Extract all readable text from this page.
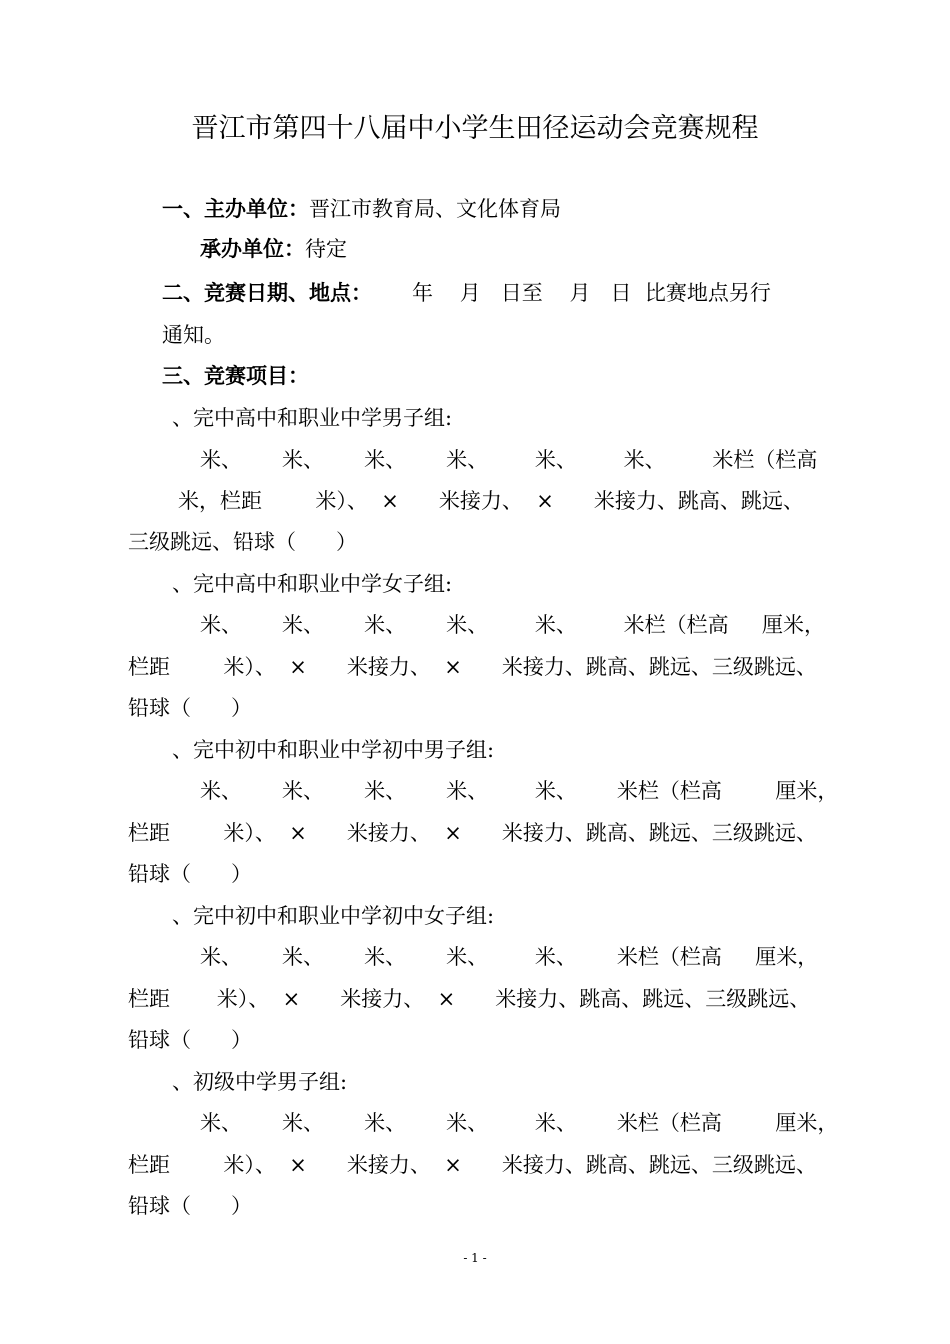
晋江市第四十八届中小学生田径运动会竞赛规程
一、主办单位：晋江市教育局、文化体育局
承办单位：待定
二、竞赛日期、地点：      年    月   日至    月   日  比赛地点另行
通知。
三、竞赛项目：
、完中高中和职业中学男子组:
米、      米、      米、      米、       米、       米、       米栏（栏高
米，栏距        米）、  ×      米接力、  ×      米接力、跳高、跳远、
三级跳远、铅球（      ）
、完中高中和职业中学女子组:
米、      米、      米、      米、       米、       米栏（栏高     厘米，
栏距        米）、  ×      米接力、  ×      米接力、跳高、跳远、三级跳远、
铅球（      ）
、完中初中和职业中学初中男子组:
米、      米、      米、      米、       米、      米栏（栏高        厘米，
栏距        米）、  ×      米接力、  ×      米接力、跳高、跳远、三级跳远、
铅球（      ）
、完中初中和职业中学初中女子组:
米、      米、      米、      米、       米、      米栏（栏高     厘米，
栏距       米）、  ×      米接力、  ×      米接力、跳高、跳远、三级跳远、
铅球（      ）
、初级中学男子组:
米、      米、      米、      米、       米、      米栏（栏高        厘米，
栏距        米）、  ×      米接力、  ×      米接力、跳高、跳远、三级跳远、
铅球（      ）
- 1 -
